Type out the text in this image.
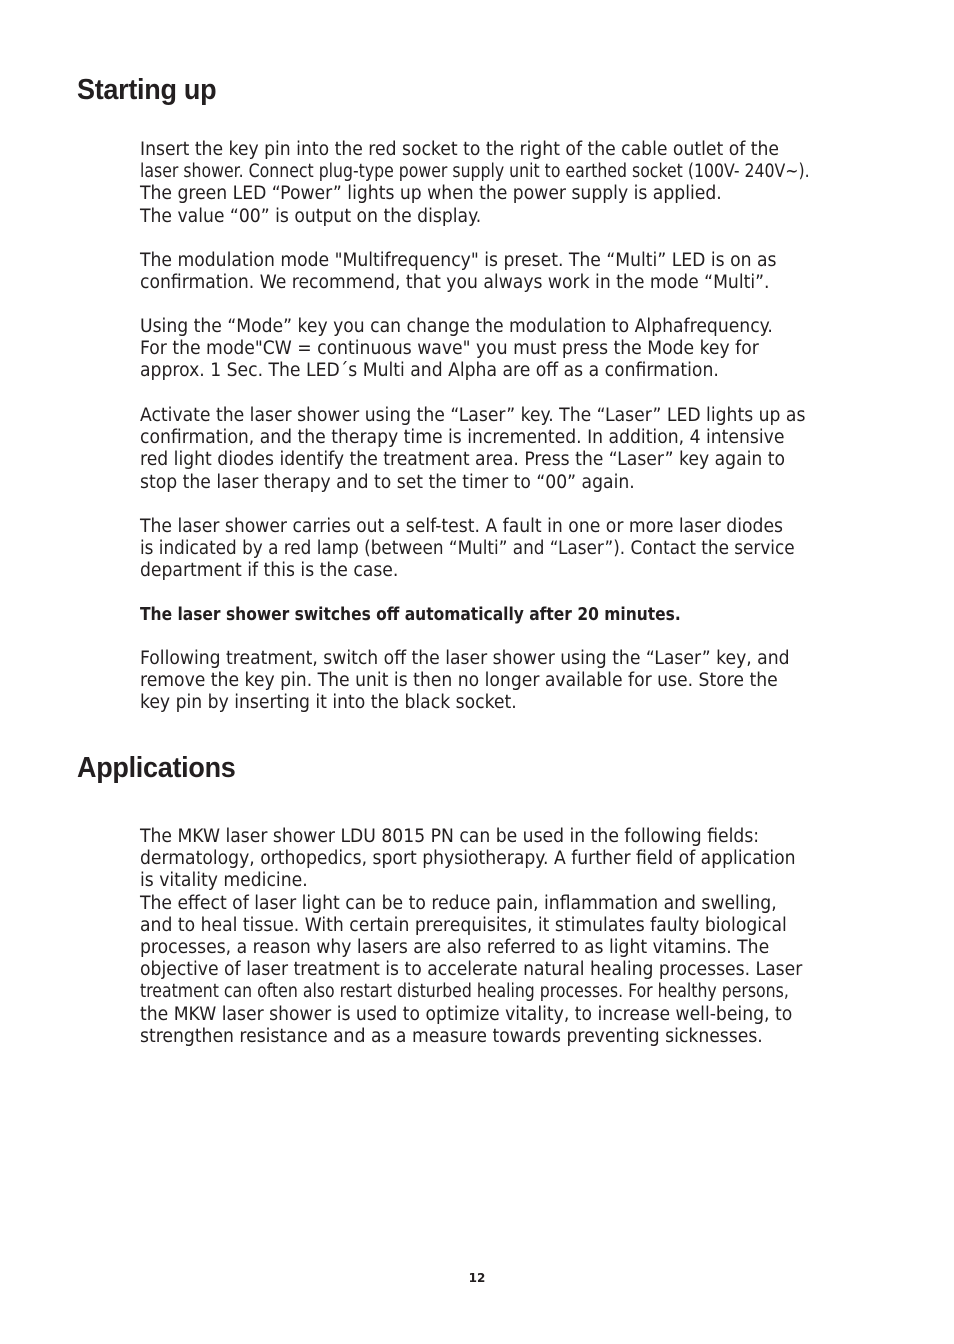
Starting up
Insert the key pin into the red socket to the right of the cable outlet of the
laser shower. Connect plug-type power supply unit to earthed socket (100V- 240V~).
The green LED “Power” lights up when the power supply is applied.
The value “00” is output on the display.
The modulation mode "Multifrequency" is preset. The “Multi” LED is on as
confirmation. We recommend, that you always work in the mode “Multi”.
Using the “Mode” key you can change the modulation to Alphafrequency.
For the mode"CW = continuous wave" you must press the Mode key for
approx. 1 Sec. The LED´s Multi and Alpha are off as a confirmation.
Activate the laser shower using the “Laser” key. The “Laser” LED lights up as
confirmation, and the therapy time is incremented. In addition, 4 intensive
red light diodes identify the treatment area. Press the “Laser” key again to
stop the laser therapy and to set the timer to “00” again.
The laser shower carries out a self-test. A fault in one or more laser diodes
is indicated by a red lamp (between “Multi” and “Laser”). Contact the service
department if this is the case.
The laser shower switches off automatically after 20 minutes.
Following treatment, switch off the laser shower using the “Laser” key, and
remove the key pin. The unit is then no longer available for use. Store the
key pin by inserting it into the black socket.
Applications
The MKW laser shower LDU 8015 PN can be used in the following fields:
dermatology, orthopedics, sport physiotherapy. A further field of application
is vitality medicine.
The effect of laser light can be to reduce pain, inflammation and swelling,
and to heal tissue. With certain prerequisites, it stimulates faulty biological
processes, a reason why lasers are also referred to as light vitamins. The
objective of laser treatment is to accelerate natural healing processes. Laser
treatment can often also restart disturbed healing processes. For healthy persons,
the MKW laser shower is used to optimize vitality, to increase well-being, to
strengthen resistance and as a measure towards preventing sicknesses.
12
